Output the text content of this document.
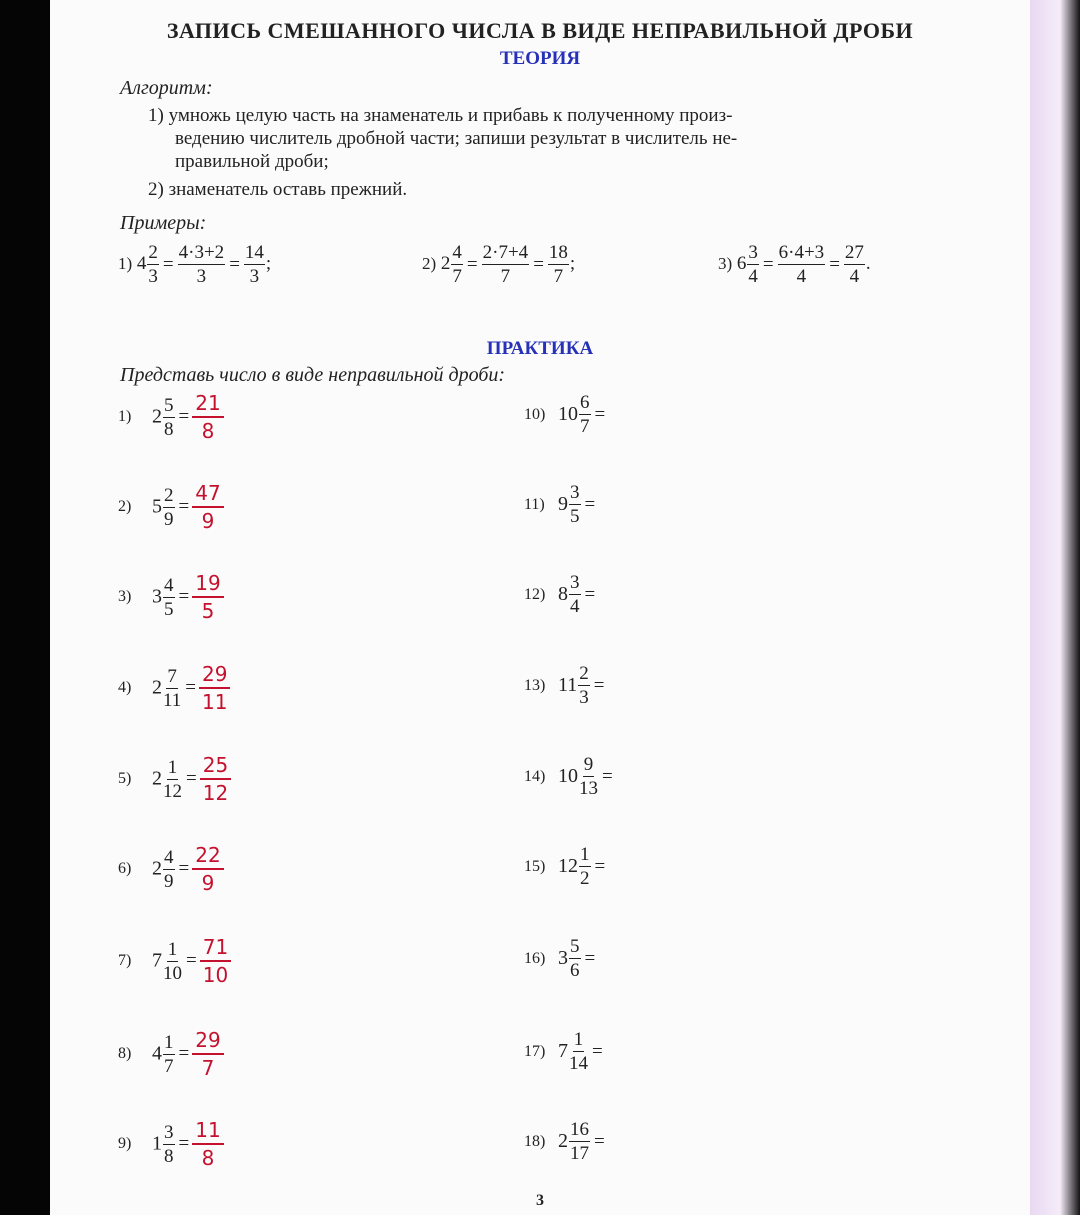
ЗАПИСЬ СМЕШАННОГО ЧИСЛА В ВИДЕ НЕПРАВИЛЬНОЙ ДРОБИ
ТЕОРИЯ
Алгоритм:
1) умножь целую часть на знаменатель и прибавь к полученному произ-
ведению числитель дробной части; запиши результат в числитель не-
правильной дроби;
2) знаменатель оставь прежний.
Примеры:
1) $4 \frac{2}{3} = \frac{4\cdot 3+2}{3} = \frac{14}{3}$ ;	2) $2 \frac{4}{7} = \frac{2\cdot 7+4}{7} = \frac{18}{7}$ ;	3) $6 \frac{3}{4} = \frac{6\cdot 4+3}{4} = \frac{27}{4}$ .
ПРАКТИКА
Представь число в виде неправильной дроби:
1) $2 \frac{5}{8} = \frac{21}{8}$
2) $5 \frac{2}{9} = \frac{47}{9}$
3) $3 \frac{4}{5} = \frac{19}{5}$
4) $2 \frac{7}{11} = \frac{29}{11}$
5) $2 \frac{1}{12} = \frac{25}{12}$
6) $2 \frac{4}{9} = \frac{22}{9}$
7) $7 \frac{1}{10} = \frac{71}{10}$
8) $4 \frac{1}{7} = \frac{29}{7}$
9) $1 \frac{3}{8} = \frac{11}{8}$
10) $10 \frac{6}{7}$ =
11) $9 \frac{3}{5}$ =
12) $8 \frac{3}{4}$ =
13) $11 \frac{2}{3}$ =
14) $10 \frac{9}{13}$ =
15) $12 \frac{1}{2}$ =
16) $3 \frac{5}{6}$ =
17) $7 \frac{1}{14}$ =
18) $2 \frac{16}{17}$ =
3
